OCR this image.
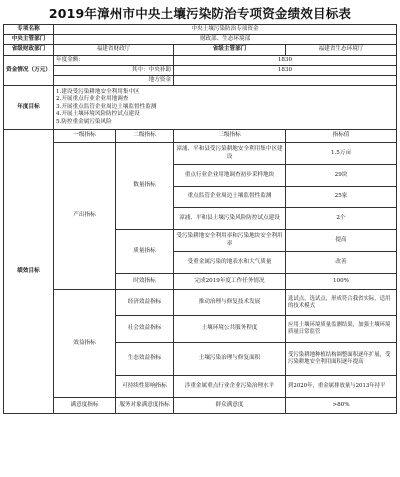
2019年漳州市中央土壤污染防治专项资金绩效目标表
专项名称	中央土壤污染防治专项资金			
中央主管部门	财政部、生态环境部			
省级财政部门	福建省财政厅		省级主管部门	福建省生态环境厅
资金情况（万元）	年度金额：		1830	
	其中：中央补助		1830	
	地方资金			
年度目标	1.建设受污染耕地安全利用集中区
2.开展重点行业企业用地调查
3.开展重点监管企业周边土壤监督性监测
4.开展土壤环境风险防控试点建设
5.防控重金属污染风险			

绩效目标	一级指标	二级指标	三级指标	指标值
	产出指标	数量指标	漳浦、平和县受污染耕地安全利用集中区建设	1.5万亩
			重点行业企业用地调查初步采样地块	29块
			重点监管企业周边土壤监督性监测	25家
			漳浦、平和县土壤污染风险防控试点建设	2个
		质量指标	受污染耕地安全利用率和污染地块安全利用率	提高
			受重金属污染的地表水和大气质量	改善
		时效指标	完成2019年度工作任务情况	100%
	效益指标	经济效益指标	推动治理与修复技术发展	选试点，选试点，形成符合我省实际，适用的技术模式
		社会效益指标	土壤环境公共服务程度	应用土壤环境质量监测结果，加强土壤环境质量日常监管
		生态效益指标	土壤污染治理与修复面积	受污染耕地种植结构调整面积逐年扩展，受污染耕地安全利用面积逐年提高
		可持续性影响指标	涉重金属重点行业企业污染治理水平	到2020年，重金属排放量与2013年持平
	满意度指标	服务对象满意度指标	群众满意度	>80%
